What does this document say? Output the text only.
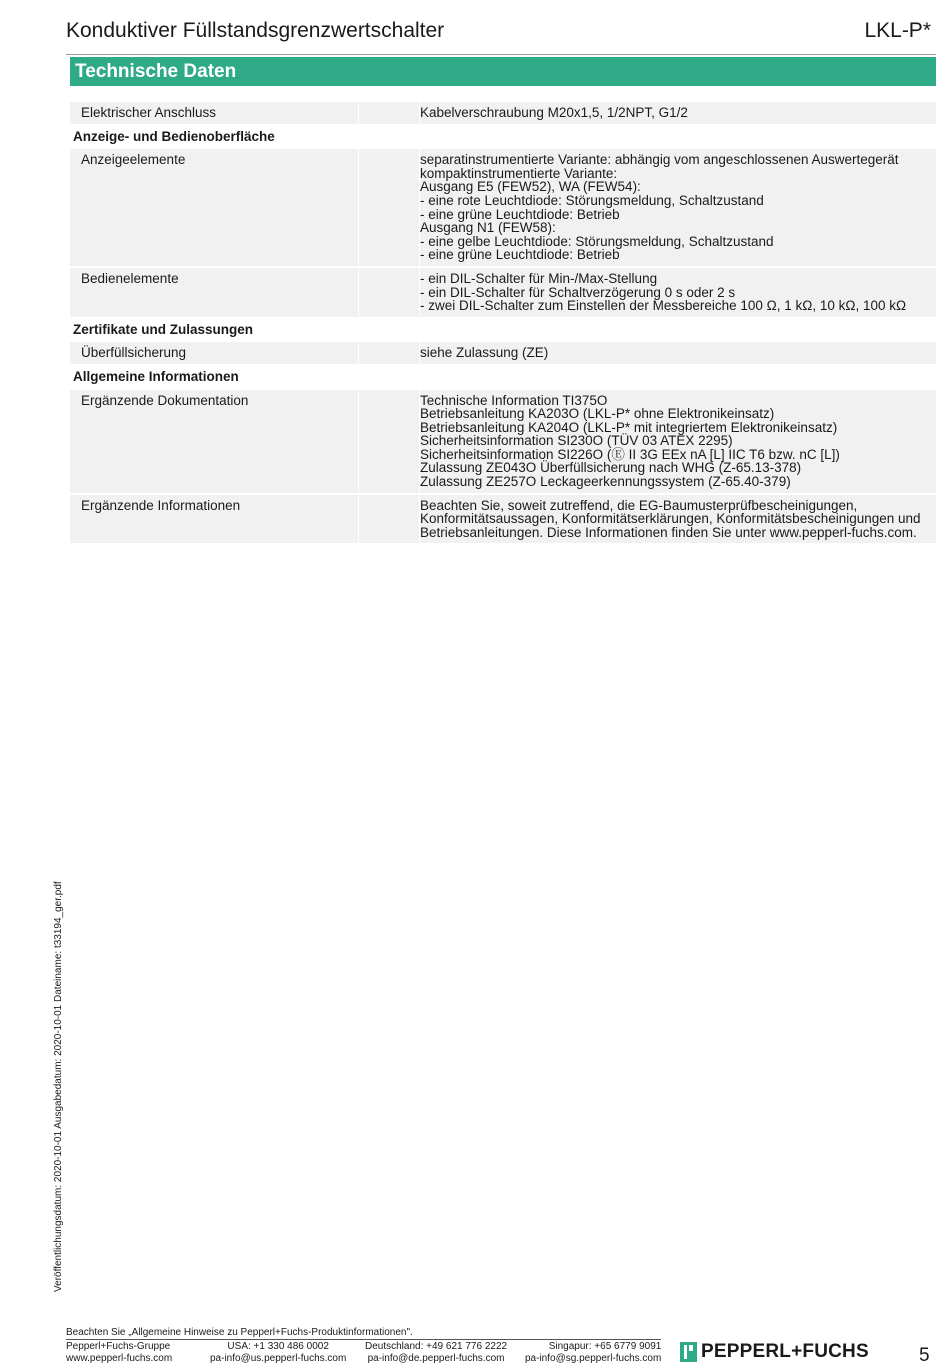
Konduktiver Füllstandsgrenzwertschalter	LKL-P*
Technische Daten
Elektrischer Anschluss	Kabelverschraubung M20x1,5, 1/2NPT, G1/2
Anzeige- und Bedienoberfläche
Anzeigeelemente	separatinstrumentierte Variante: abhängig vom angeschlossenen Auswertegerät
kompaktinstrumentierte Variante:
Ausgang E5 (FEW52), WA (FEW54):
- eine rote Leuchtdiode: Störungsmeldung, Schaltzustand
- eine grüne Leuchtdiode: Betrieb
Ausgang N1 (FEW58):
- eine gelbe Leuchtdiode: Störungsmeldung, Schaltzustand
- eine grüne Leuchtdiode: Betrieb
Bedienelemente	- ein DIL-Schalter für Min-/Max-Stellung
- ein DIL-Schalter für Schaltverzögerung 0 s oder 2 s
- zwei DIL-Schalter zum Einstellen der Messbereiche 100 Ω, 1 kΩ, 10 kΩ, 100 kΩ
Zertifikate und Zulassungen
Überfüllsicherung	siehe Zulassung (ZE)
Allgemeine Informationen
Ergänzende Dokumentation	Technische Information TI375O
Betriebsanleitung KA203O (LKL-P* ohne Elektronikeinsatz)
Betriebsanleitung KA204O (LKL-P* mit integriertem Elektronikeinsatz)
Sicherheitsinformation SI230O (TÜV 03 ATEX 2295)
Sicherheitsinformation SI226O (Ⓔ II 3G EEx nA [L] IIC T6 bzw. nC [L])
Zulassung ZE043O Überfüllsicherung nach WHG (Z-65.13-378)
Zulassung ZE257O Leckageerkennungssystem (Z-65.40-379)
Ergänzende Informationen	Beachten Sie, soweit zutreffend, die EG-Baumusterprüfbescheinigungen, Konformitätsaussagen, Konformitätserklärungen, Konformitätsbescheinigungen und Betriebsanleitungen. Diese Informationen finden Sie unter www.pepperl-fuchs.com.
Veröffentlichungsdatum: 2020-10-01 Ausgabedatum: 2020-10-01 Dateiname: t33194_ger.pdf
Beachten Sie „Allgemeine Hinweise zu Pepperl+Fuchs-Produktinformationen".
Pepperl+Fuchs-Gruppe
www.pepperl-fuchs.com
USA: +1 330 486 0002
pa-info@us.pepperl-fuchs.com
Deutschland: +49 621 776 2222
pa-info@de.pepperl-fuchs.com
Singapur: +65 6779 9091
pa-info@sg.pepperl-fuchs.com PEPPERL+FUCHS	5
